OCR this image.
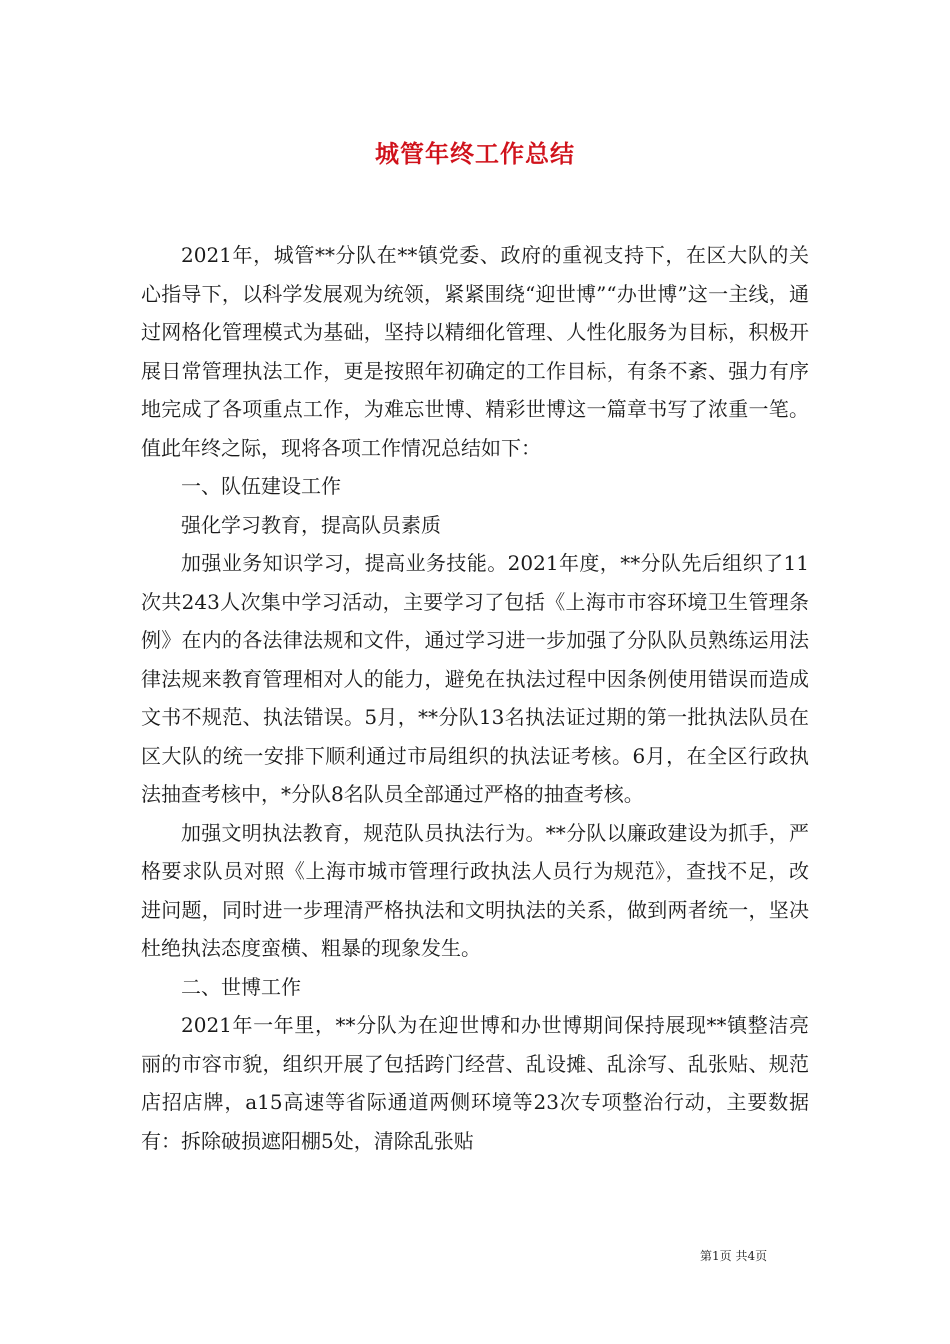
城管年终工作总结

2021年，城管**分队在**镇党委、政府的重视支持下，在区大队的关心指导下，以科学发展观为统领，紧紧围绕“迎世博”“办世博”这一主线，通过网格化管理模式为基础，坚持以精细化管理、人性化服务为目标，积极开展日常管理执法工作，更是按照年初确定的工作目标，有条不紊、强力有序地完成了各项重点工作，为难忘世博、精彩世博这一篇章书写了浓重一笔。值此年终之际，现将各项工作情况总结如下：

一、队伍建设工作

强化学习教育，提高队员素质

加强业务知识学习，提高业务技能。2021年度，**分队先后组织了11次共243人次集中学习活动，主要学习了包括《上海市市容环境卫生管理条例》在内的各法律法规和文件，通过学习进一步加强了分队队员熟练运用法律法规来教育管理相对人的能力，避免在执法过程中因条例使用错误而造成文书不规范、执法错误。5月，**分队13名执法证过期的第一批执法队员在区大队的统一安排下顺利通过市局组织的执法证考核。6月，在全区行政执法抽查考核中，*分队8名队员全部通过严格的抽查考核。

加强文明执法教育，规范队员执法行为。**分队以廉政建设为抓手，严格要求队员对照《上海市城市管理行政执法人员行为规范》，查找不足，改进问题，同时进一步理清严格执法和文明执法的关系，做到两者统一，坚决杜绝执法态度蛮横、粗暴的现象发生。

二、世博工作

2021年一年里，**分队为在迎世博和办世博期间保持展现**镇整洁亮丽的市容市貌，组织开展了包括跨门经营、乱设摊、乱涂写、乱张贴、规范店招店牌，a15高速等省际通道两侧环境等23次专项整治行动，主要数据有：拆除破损遮阳棚5处，清除乱张贴

第1页 共4页
